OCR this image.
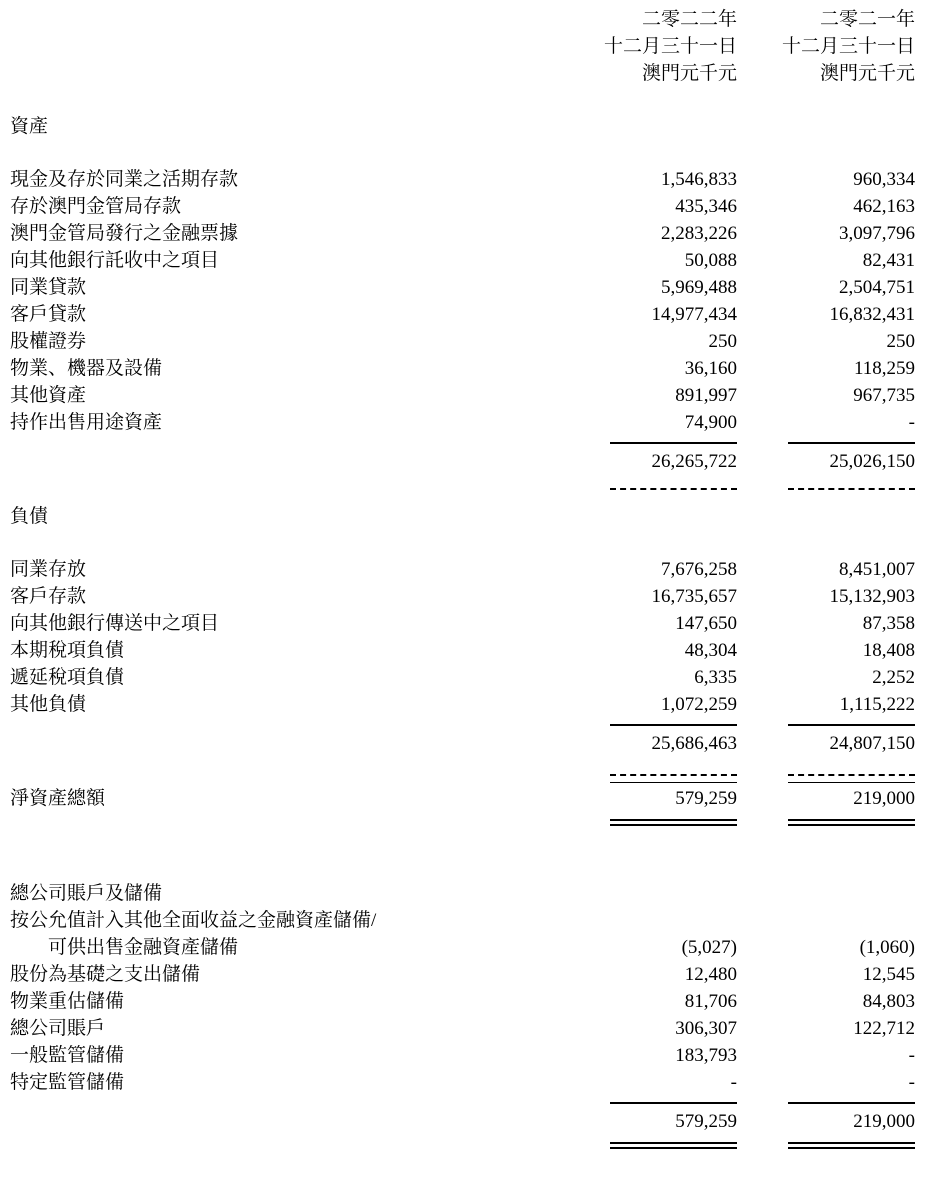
二零二二年	二零二一年
十二月三十一日	十二月三十一日
澳門元千元	澳門元千元
資產
現金及存於同業之活期存款	1,546,833	960,334
存於澳門金管局存款	435,346	462,163
澳門金管局發行之金融票據	2,283,226	3,097,796
向其他銀行託收中之項目	50,088	82,431
同業貸款	5,969,488	2,504,751
客戶貸款	14,977,434	16,832,431
股權證券	250	250
物業、機器及設備	36,160	118,259
其他資產	891,997	967,735
持作出售用途資產	74,900	-
26,265,722	25,026,150
負債
同業存放	7,676,258	8,451,007
客戶存款	16,735,657	15,132,903
向其他銀行傳送中之項目	147,650	87,358
本期稅項負債	48,304	18,408
遞延稅項負債	6,335	2,252
其他負債	1,072,259	1,115,222
25,686,463	24,807,150
淨資產總額	579,259	219,000
總公司賬戶及儲備
按公允值計入其他全面收益之金融資產儲備/
可供出售金融資產儲備	(5,027)	(1,060)
股份為基礎之支出儲備	12,480	12,545
物業重估儲備	81,706	84,803
總公司賬戶	306,307	122,712
一般監管儲備	183,793	-
特定監管儲備	-	-
579,259	219,000
